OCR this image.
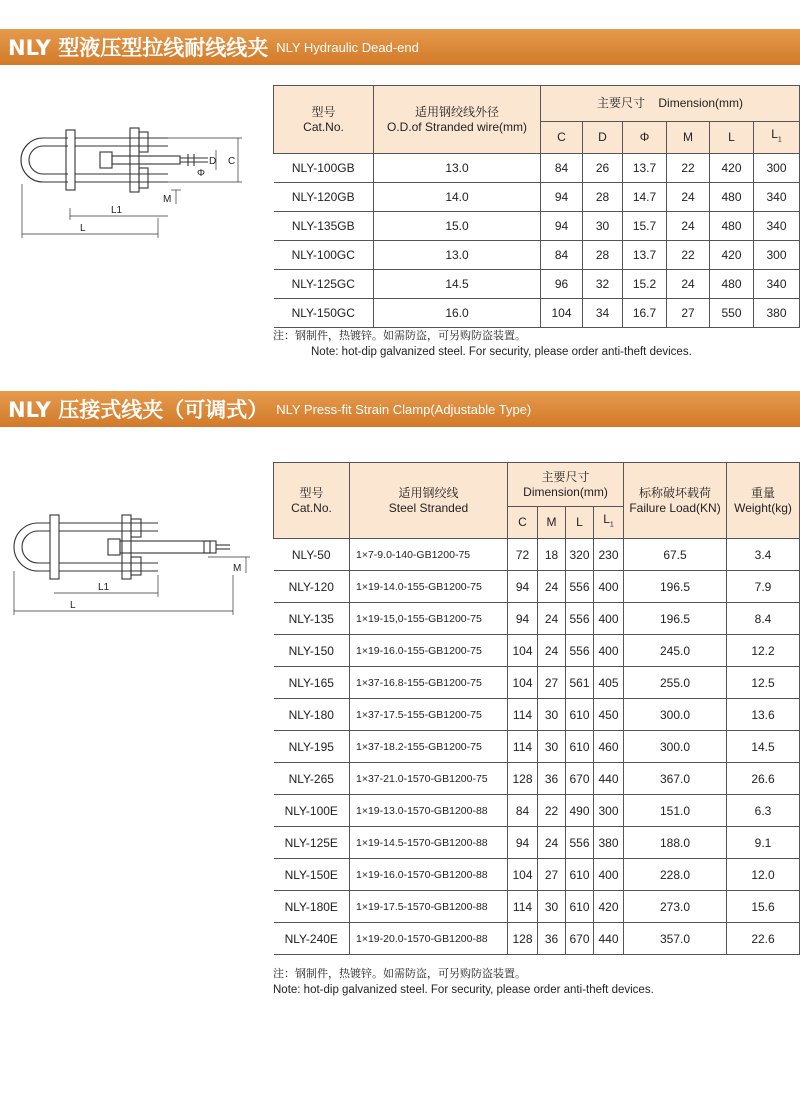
NLY 型液压型拉线耐线线夹 NLY Hydraulic Dead-end
C
D
Φ
M
L1
L
型号
Cat.No.	适用钢绞线外径
O.D.of Stranded wire(mm)	主要尺寸 Dimension(mm)					
		C	D	Φ	M	L	$L_1$
NLY-100GB	13.0	84	26	13.7	22	420	300
NLY-120GB	14.0	94	28	14.7	24	480	340
NLY-135GB	15.0	94	30	15.7	24	480	340
NLY-100GC	13.0	84	28	13.7	22	420	300
NLY-125GC	14.5	96	32	15.2	24	480	340
NLY-150GC	16.0	104	34	16.7	27	550	380
注：钢制件，热镀锌。如需防盗，可另购防盗装置。
Note: hot-dip galvanized steel. For security, please order anti-theft devices.
NLY 压接式线夹（可调式） NLY Press-fit Strain Clamp(Adjustable Type)
M
L1
L
型号
Cat.No.	适用钢绞线
Steel Stranded	主要尺寸
Dimension(mm)				标称破坏载荷
Failure Load(KN)	重量
Weight(kg)
		C	M	L	$L_1$
NLY-50	1×7-9.0-140-GB1200-75	72	18	320	230	67.5	3.4
NLY-120	1×19-14.0-155-GB1200-75	94	24	556	400	196.5	7.9
NLY-135	1×19-15,0-155-GB1200-75	94	24	556	400	196.5	8.4
NLY-150	1×19-16.0-155-GB1200-75	104	24	556	400	245.0	12.2
NLY-165	1×37-16.8-155-GB1200-75	104	27	561	405	255.0	12.5
NLY-180	1×37-17.5-155-GB1200-75	114	30	610	450	300.0	13.6
NLY-195	1×37-18.2-155-GB1200-75	114	30	610	460	300.0	14.5
NLY-265	1×37-21.0-1570-GB1200-75	128	36	670	440	367.0	26.6
NLY-100E	1×19-13.0-1570-GB1200-88	84	22	490	300	151.0	6.3
NLY-125E	1×19-14.5-1570-GB1200-88	94	24	556	380	188.0	9.1
NLY-150E	1×19-16.0-1570-GB1200-88	104	27	610	400	228.0	12.0
NLY-180E	1×19-17.5-1570-GB1200-88	114	30	610	420	273.0	15.6
NLY-240E	1×19-20.0-1570-GB1200-88	128	36	670	440	357.0	22.6
注：钢制件，热镀锌。如需防盗，可另购防盗装置。
Note: hot-dip galvanized steel. For security, please order anti-theft devices.
